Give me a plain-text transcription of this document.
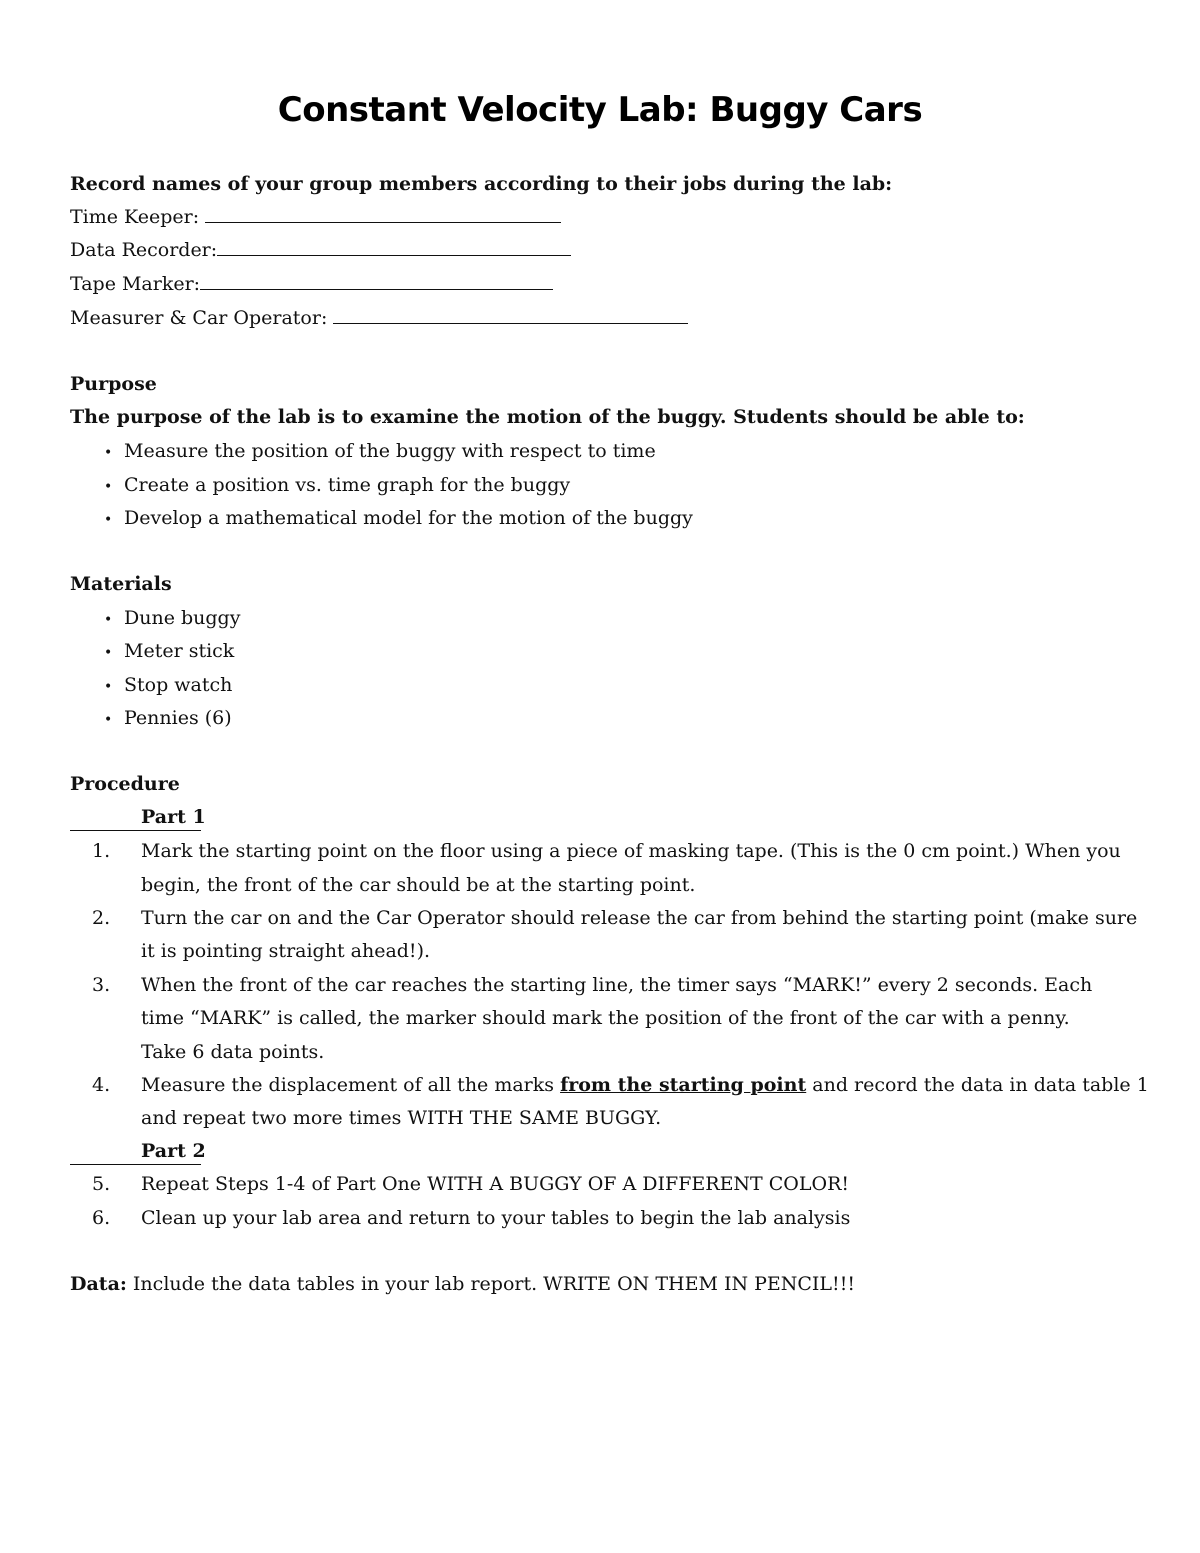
Constant Velocity Lab: Buggy Cars
Record names of your group members according to their jobs during the lab:
Time Keeper:
Data Recorder:
Tape Marker:
Measurer & Car Operator:
Purpose
The purpose of the lab is to examine the motion of the buggy. Students should be able to:
• Measure the position of the buggy with respect to time
• Create a position vs. time graph for the buggy
• Develop a mathematical model for the motion of the buggy
Materials
• Dune buggy
• Meter stick
• Stop watch
• Pennies (6)
Procedure
Part 1
1. Mark the starting point on the floor using a piece of masking tape. (This is the 0 cm point.) When you
begin, the front of the car should be at the starting point.
2. Turn the car on and the Car Operator should release the car from behind the starting point (make sure
it is pointing straight ahead!).
3. When the front of the car reaches the starting line, the timer says “MARK!” every 2 seconds. Each
time “MARK” is called, the marker should mark the position of the front of the car with a penny.
Take 6 data points.
4. Measure the displacement of all the marks from the starting point and record the data in data table 1
and repeat two more times WITH THE SAME BUGGY.
Part 2
5. Repeat Steps 1-4 of Part One WITH A BUGGY OF A DIFFERENT COLOR!
6. Clean up your lab area and return to your tables to begin the lab analysis
Data: Include the data tables in your lab report. WRITE ON THEM IN PENCIL!!!
